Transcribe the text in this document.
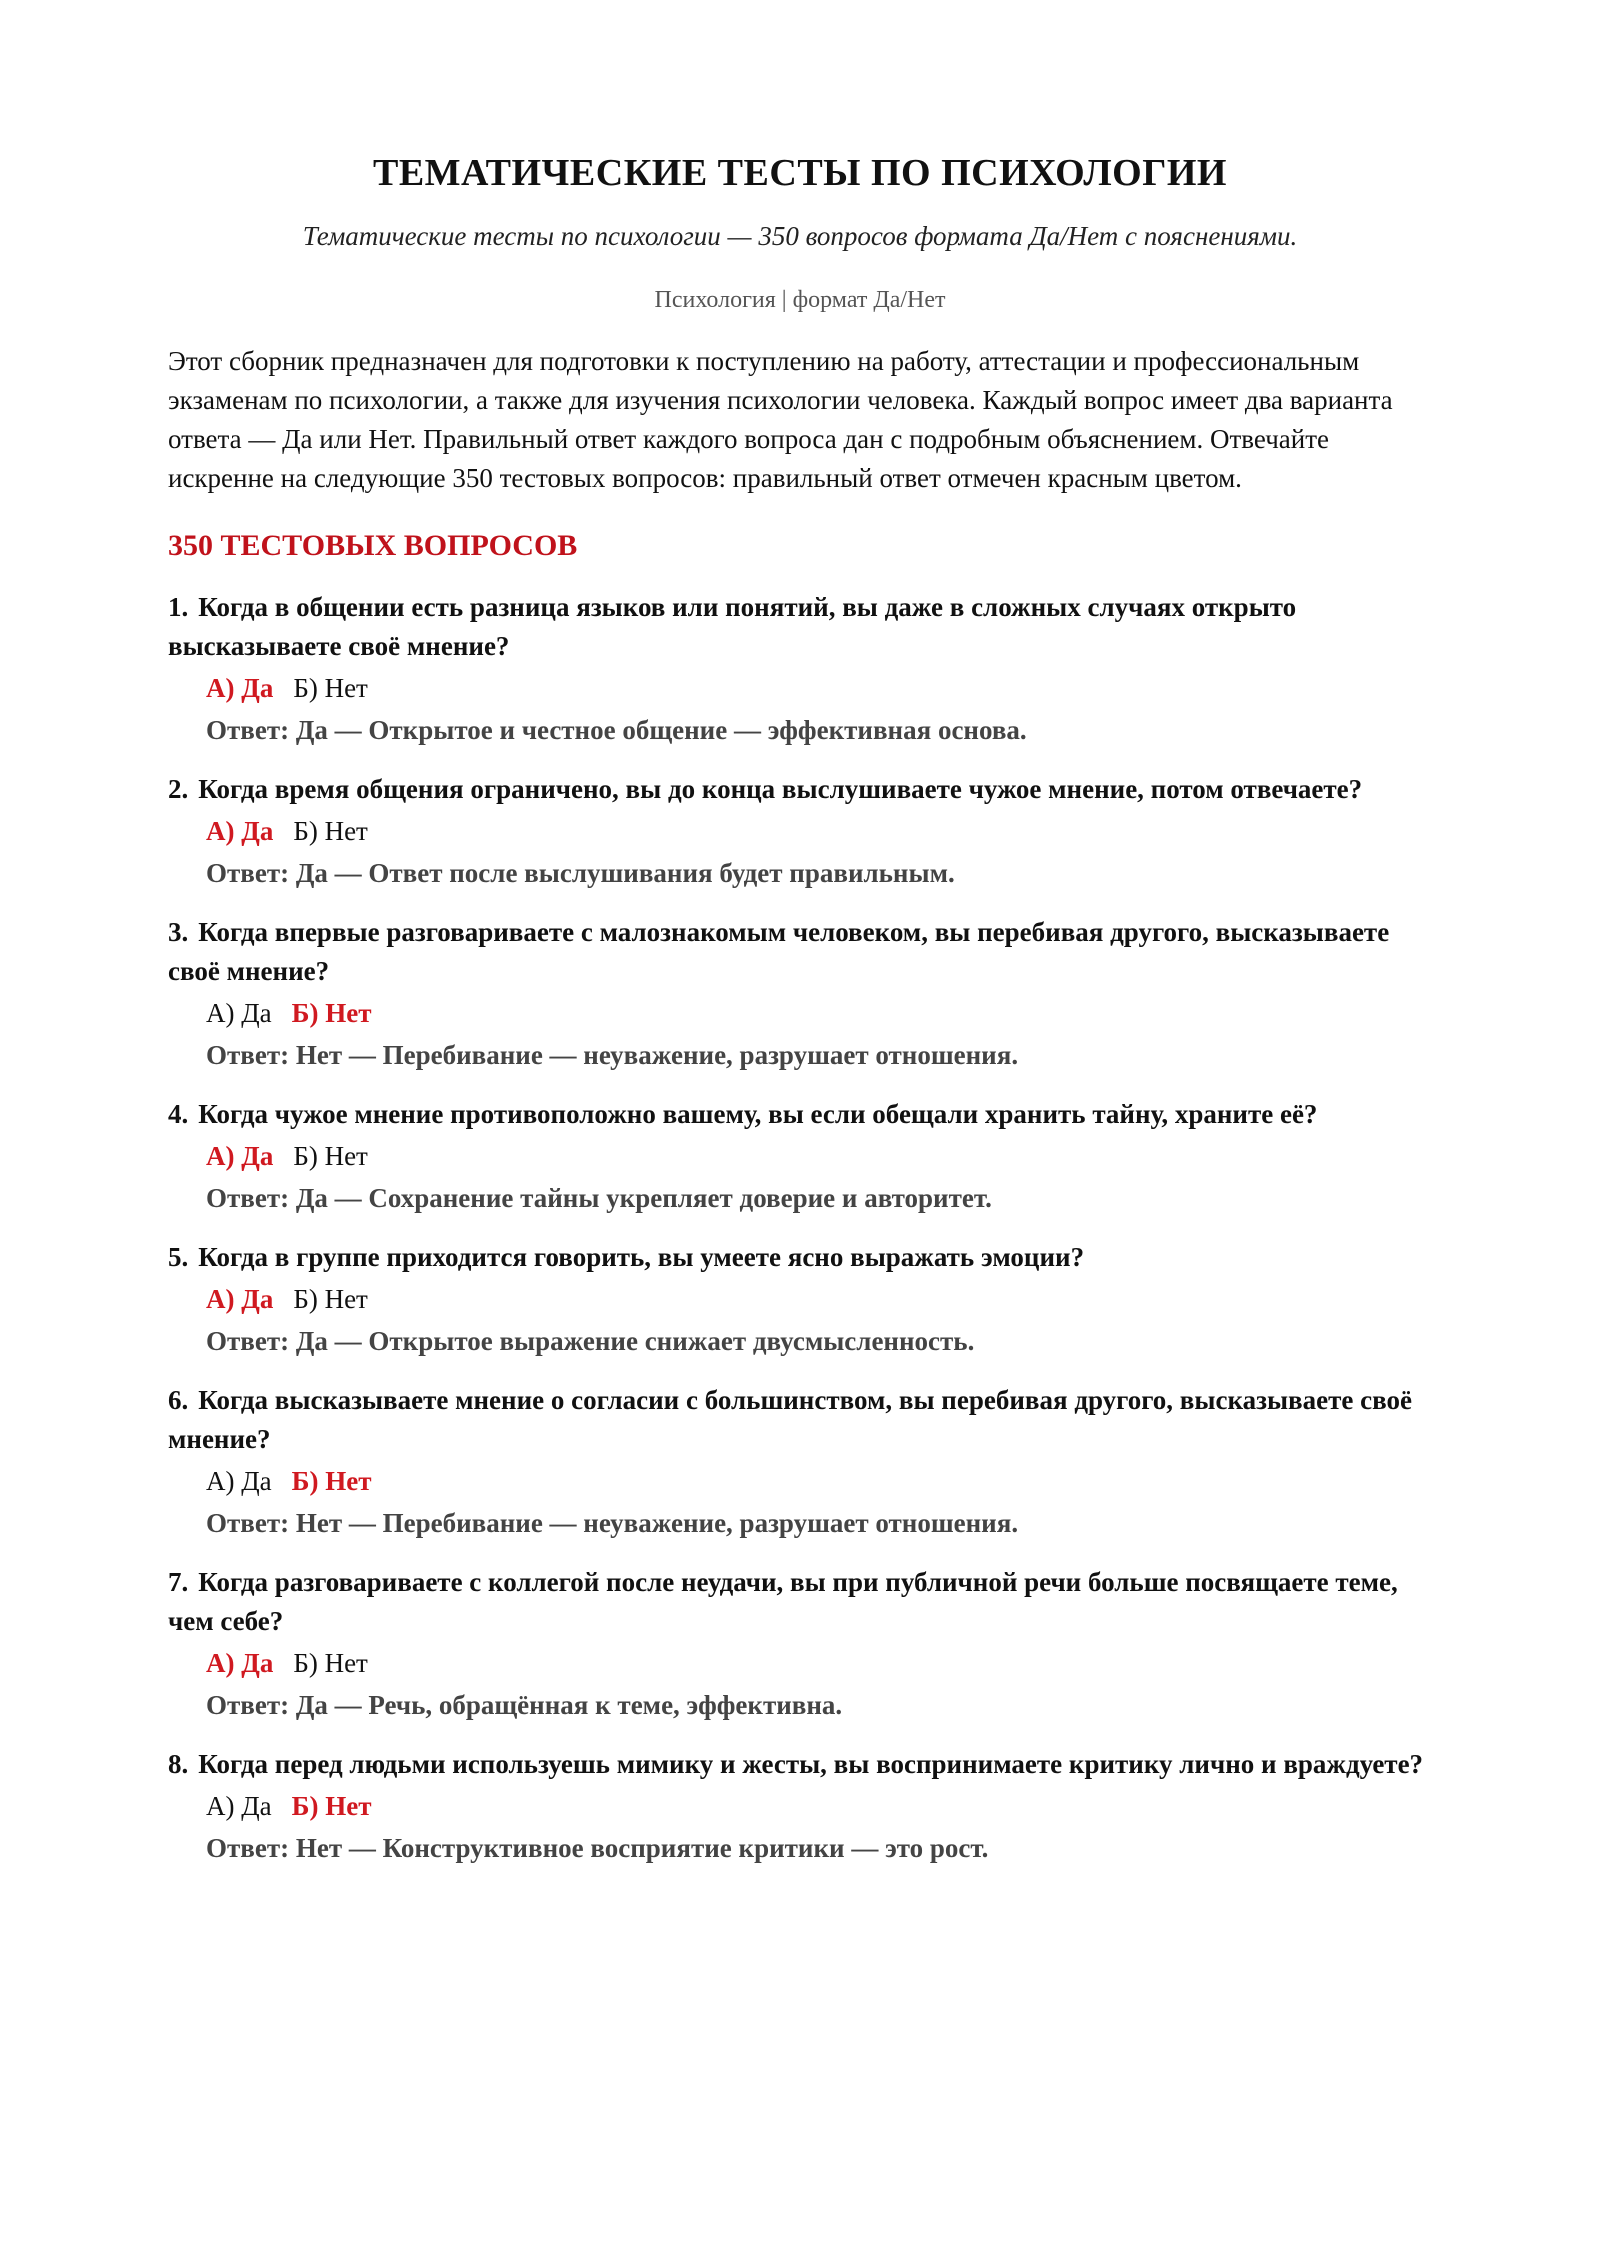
ТЕМАТИЧЕСКИЕ ТЕСТЫ ПО ПСИХОЛОГИИ

Тематические тесты по психологии — 350 вопросов формата Да/Нет с пояснениями.

Психология | формат Да/Нет

Этот сборник предназначен для подготовки к поступлению на работу, аттестации и профессиональным экзаменам по психологии, а также для изучения психологии человека. Каждый вопрос имеет два варианта ответа — Да или Нет. Правильный ответ каждого вопроса дан с подробным объяснением. Отвечайте искренне на следующие 350 тестовых вопросов: правильный ответ отмечен красным цветом.

350 ТЕСТОВЫХ ВОПРОСОВ
1. Когда в общении есть разница языков или понятий, вы даже в сложных случаях открыто высказываете своё мнение?
А) Да Б) Нет
Ответ: Да — Открытое и честное общение — эффективная основа.
2. Когда время общения ограничено, вы до конца выслушиваете чужое мнение, потом отвечаете?
А) Да Б) Нет
Ответ: Да — Ответ после выслушивания будет правильным.
3. Когда впервые разговариваете с малознакомым человеком, вы перебивая другого, высказываете своё мнение?
А) Да Б) Нет
Ответ: Нет — Перебивание — неуважение, разрушает отношения.
4. Когда чужое мнение противоположно вашему, вы если обещали хранить тайну, храните её?
А) Да Б) Нет
Ответ: Да — Сохранение тайны укрепляет доверие и авторитет.
5. Когда в группе приходится говорить, вы умеете ясно выражать эмоции?
А) Да Б) Нет
Ответ: Да — Открытое выражение снижает двусмысленность.
6. Когда высказываете мнение о согласии с большинством, вы перебивая другого, высказываете своё мнение?
А) Да Б) Нет
Ответ: Нет — Перебивание — неуважение, разрушает отношения.
7. Когда разговариваете с коллегой после неудачи, вы при публичной речи больше посвящаете теме, чем себе?
А) Да Б) Нет
Ответ: Да — Речь, обращённая к теме, эффективна.
8. Когда перед людьми используешь мимику и жесты, вы воспринимаете критику лично и враждуете?
А) Да Б) Нет
Ответ: Нет — Конструктивное восприятие критики — это рост.
